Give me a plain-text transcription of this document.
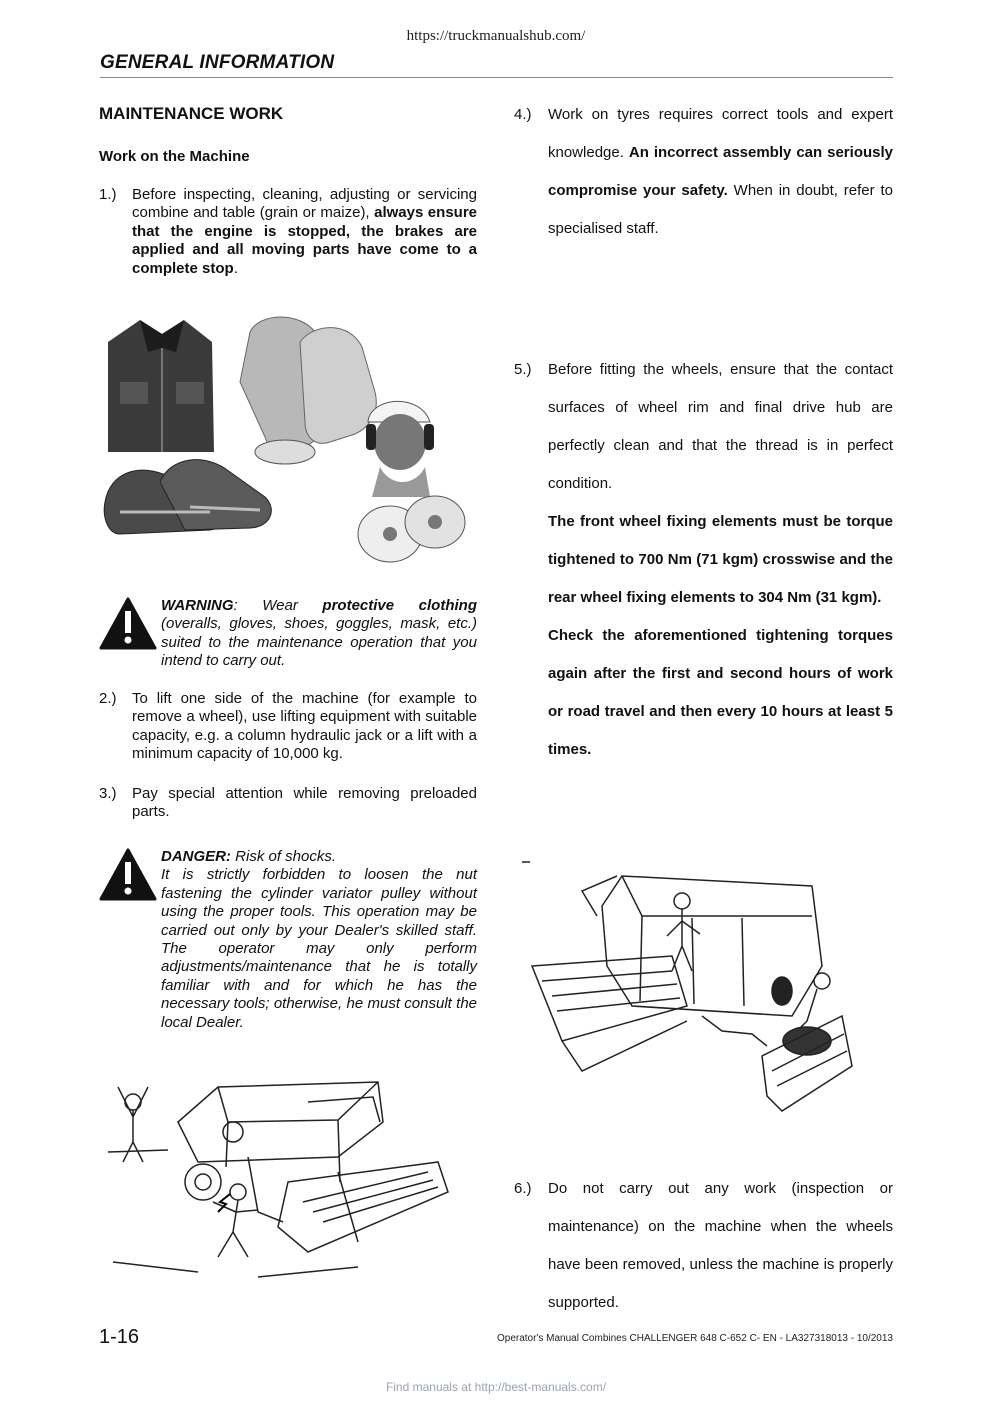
https://truckmanualshub.com/
GENERAL INFORMATION
MAINTENANCE WORK
Work on the Machine
1.) Before inspecting, cleaning, adjusting or servicing combine and table (grain or maize), always ensure that the engine is stopped, the brakes are applied and all moving parts have come to a complete stop.
WARNING: Wear protective clothing (overalls, gloves, shoes, goggles, mask, etc.) suited to the maintenance operation that you intend to carry out.
2.) To lift one side of the machine (for example to remove a wheel), use lifting equipment with suitable capacity, e.g. a column hydraulic jack or a lift with a minimum capacity of 10,000 kg.
3.) Pay special attention while removing preloaded parts.
DANGER: Risk of shocks.
It is strictly forbidden to loosen the nut fastening the cylinder variator pulley without using the proper tools. This operation may be carried out only by your Dealer's skilled staff. The operator may only perform adjustments/maintenance that he is totally familiar with and for which he has the necessary tools; otherwise, he must consult the local Dealer.
4.) Work on tyres requires correct tools and expert knowledge. An incorrect assembly can seriously compromise your safety. When in doubt, refer to specialised staff.
5.) Before fitting the wheels, ensure that the contact surfaces of wheel rim and final drive hub are perfectly clean and that the thread is in perfect condition.
The front wheel fixing elements must be torque tightened to 700 Nm (71 kgm) crosswise and the rear wheel fixing elements to 304 Nm (31 kgm).
Check the aforementioned tightening torques again after the first and second hours of work or road travel and then every 10 hours at least 5 times.
6.) Do not carry out any work (inspection or maintenance) on the machine when the wheels have been removed, unless the machine is properly supported.
1-16	Operator's Manual Combines CHALLENGER 648 C-652 C- EN - LA327318013 - 10/2013
Find manuals at http://best-manuals.com/
